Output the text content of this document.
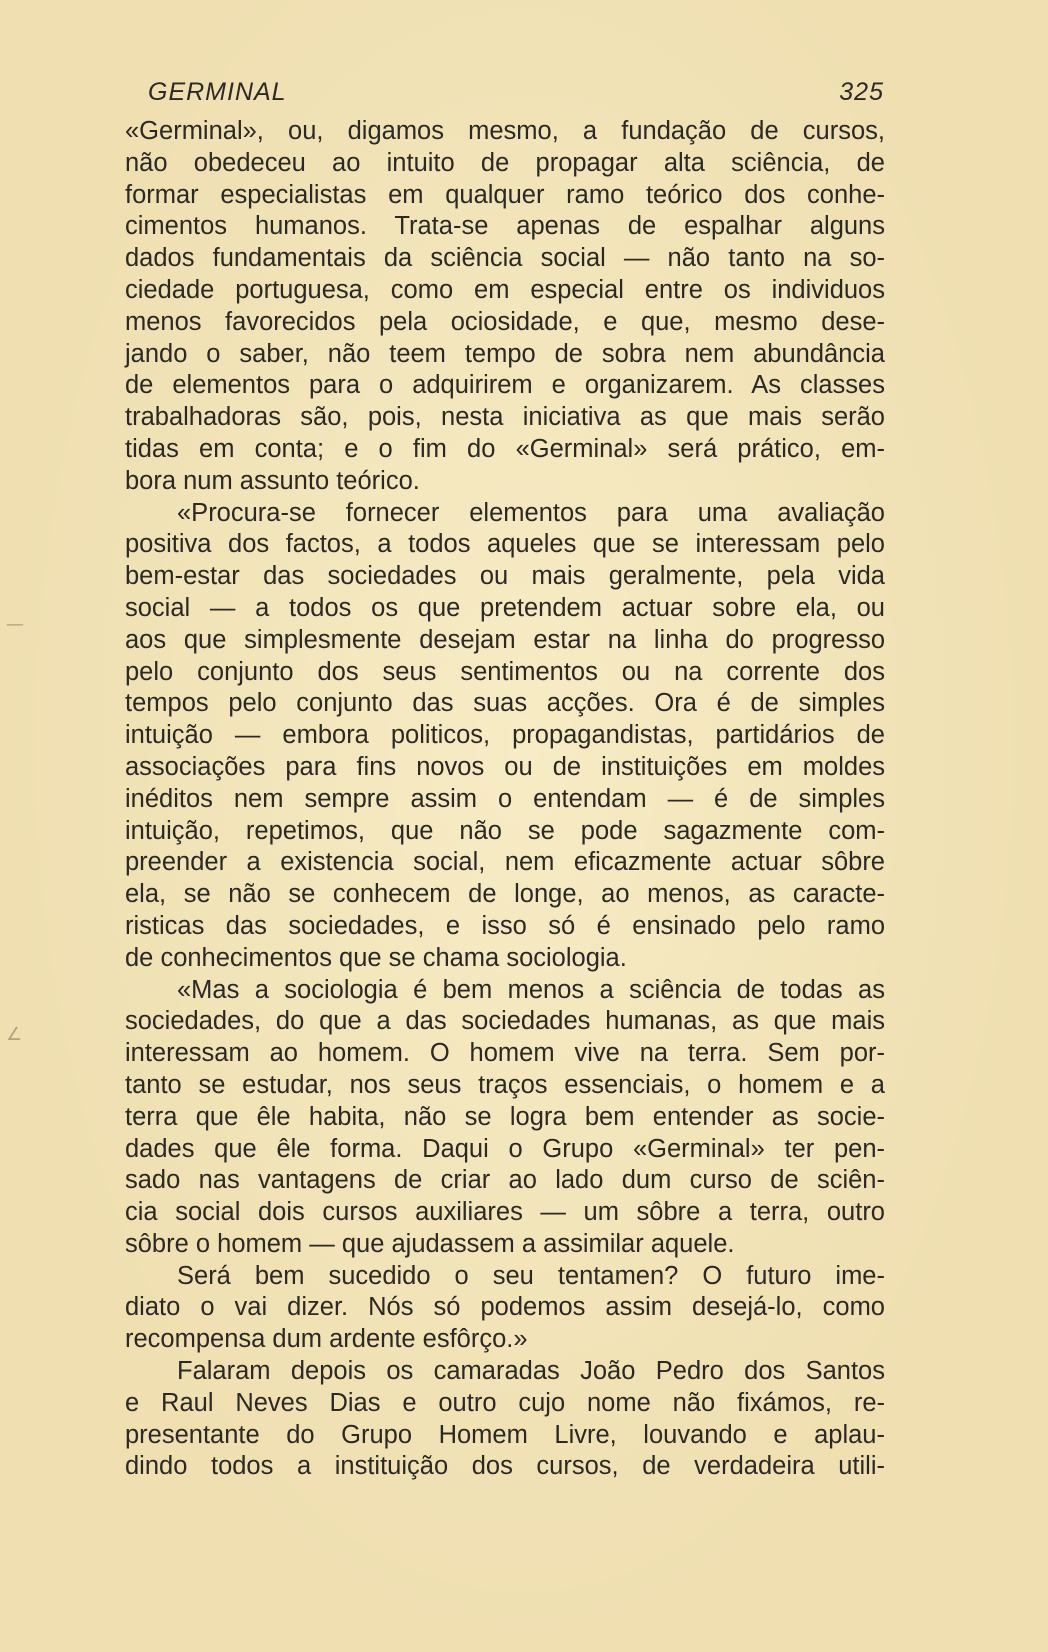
—
∠
GERMINAL	325
«Germinal», ou, digamos mesmo, a fundação de cursos,
não obedeceu ao intuito de propagar alta sciência, de
formar especialistas em qualquer ramo teórico dos conhe-
cimentos humanos. Trata-se apenas de espalhar alguns
dados fundamentais da sciência social — não tanto na so-
ciedade portuguesa, como em especial entre os individuos
menos favorecidos pela ociosidade, e que, mesmo dese-
jando o saber, não teem tempo de sobra nem abundância
de elementos para o adquirirem e organizarem. As classes
trabalhadoras são, pois, nesta iniciativa as que mais serão
tidas em conta; e o fim do «Germinal» será prático, em-
bora num assunto teórico.
«Procura-se fornecer elementos para uma avaliação
positiva dos factos, a todos aqueles que se interessam pelo
bem-estar das sociedades ou mais geralmente, pela vida
social — a todos os que pretendem actuar sobre ela, ou
aos que simplesmente desejam estar na linha do progresso
pelo conjunto dos seus sentimentos ou na corrente dos
tempos pelo conjunto das suas acções. Ora é de simples
intuição — embora politicos, propagandistas, partidários de
associações para fins novos ou de instituições em moldes
inéditos nem sempre assim o entendam — é de simples
intuição, repetimos, que não se pode sagazmente com-
preender a existencia social, nem eficazmente actuar sôbre
ela, se não se conhecem de longe, ao menos, as caracte-
risticas das sociedades, e isso só é ensinado pelo ramo
de conhecimentos que se chama sociologia.
«Mas a sociologia é bem menos a sciência de todas as
sociedades, do que a das sociedades humanas, as que mais
interessam ao homem. O homem vive na terra. Sem por-
tanto se estudar, nos seus traços essenciais, o homem e a
terra que êle habita, não se logra bem entender as socie-
dades que êle forma. Daqui o Grupo «Germinal» ter pen-
sado nas vantagens de criar ao lado dum curso de sciên-
cia social dois cursos auxiliares — um sôbre a terra, outro
sôbre o homem — que ajudassem a assimilar aquele.
Será bem sucedido o seu tentamen? O futuro ime-
diato o vai dizer. Nós só podemos assim desejá-lo, como
recompensa dum ardente esfôrço.»
Falaram depois os camaradas João Pedro dos Santos
e Raul Neves Dias e outro cujo nome não fixámos, re-
presentante do Grupo Homem Livre, louvando e aplau-
dindo todos a instituição dos cursos, de verdadeira utili-
